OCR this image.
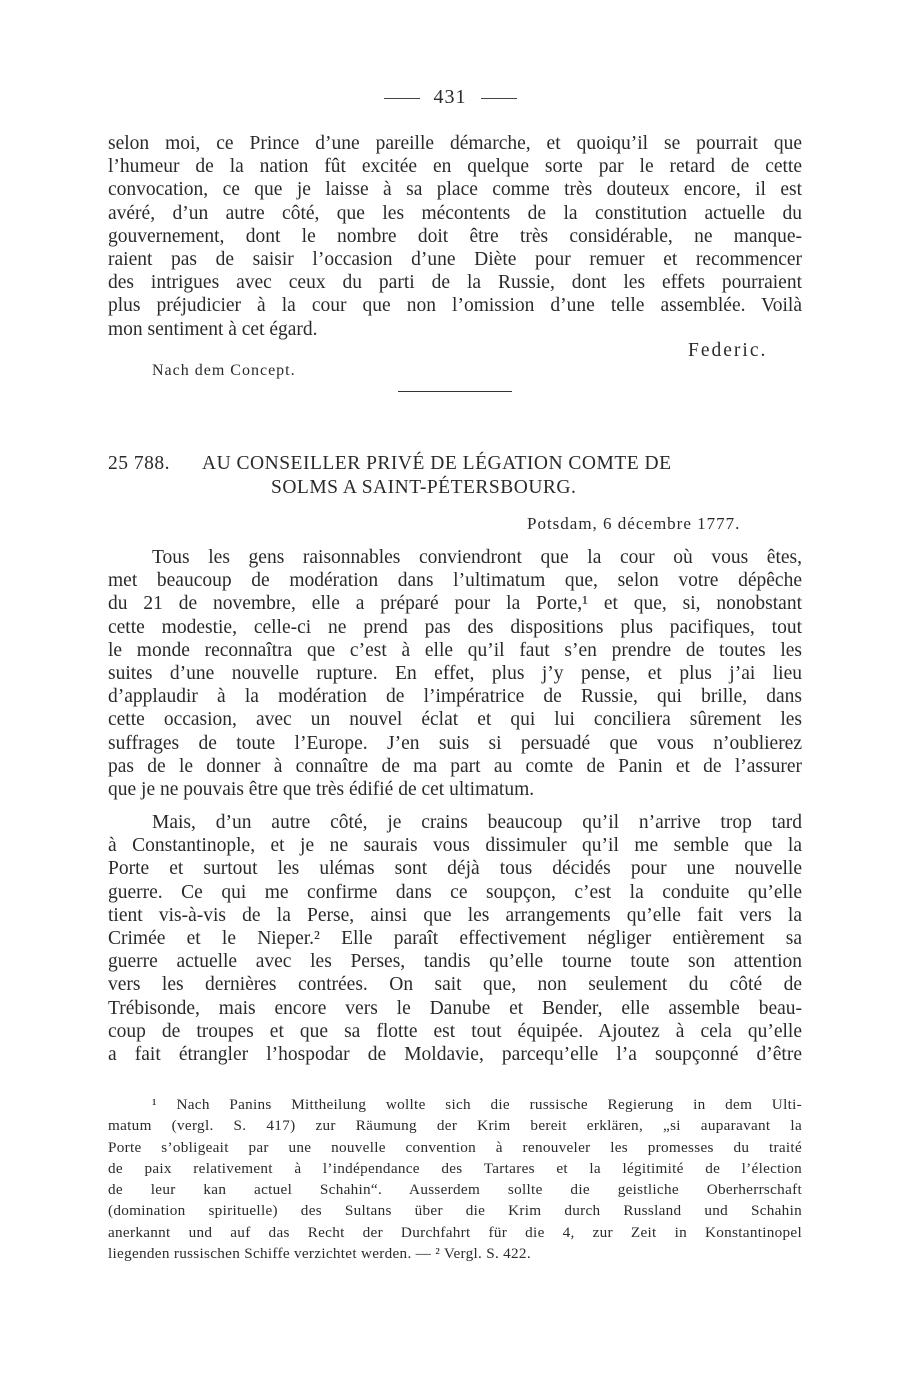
431
selon moi, ce Prince d’une pareille démarche, et quoiqu’il se pourrait que
l’humeur de la nation fût excitée en quelque sorte par le retard de cette
convocation, ce que je laisse à sa place comme très douteux encore, il est
avéré, d’un autre côté, que les mécontents de la constitution actuelle du
gouvernement, dont le nombre doit être très considérable, ne manque-
raient pas de saisir l’occasion d’une Diète pour remuer et recommencer
des intrigues avec ceux du parti de la Russie, dont les effets pourraient
plus préjudicier à la cour que non l’omission d’une telle assemblée. Voilà
mon sentiment à cet égard.
Federic.
Nach dem Concept.
25 788. AU CONSEILLER PRIVÉ DE LÉGATION COMTE DE
SOLMS A SAINT-PÉTERSBOURG.
Potsdam, 6 décembre 1777.
Tous les gens raisonnables conviendront que la cour où vous êtes,
met beaucoup de modération dans l’ultimatum que, selon votre dépêche
du 21 de novembre, elle a préparé pour la Porte,¹ et que, si, nonobstant
cette modestie, celle-ci ne prend pas des dispositions plus pacifiques, tout
le monde reconnaîtra que c’est à elle qu’il faut s’en prendre de toutes les
suites d’une nouvelle rupture. En effet, plus j’y pense, et plus j’ai lieu
d’applaudir à la modération de l’impératrice de Russie, qui brille, dans
cette occasion, avec un nouvel éclat et qui lui conciliera sûrement les
suffrages de toute l’Europe. J’en suis si persuadé que vous n’oublierez
pas de le donner à connaître de ma part au comte de Panin et de l’assurer
que je ne pouvais être que très édifié de cet ultimatum.
Mais, d’un autre côté, je crains beaucoup qu’il n’arrive trop tard
à Constantinople, et je ne saurais vous dissimuler qu’il me semble que la
Porte et surtout les ulémas sont déjà tous décidés pour une nouvelle
guerre. Ce qui me confirme dans ce soupçon, c’est la conduite qu’elle
tient vis-à-vis de la Perse, ainsi que les arrangements qu’elle fait vers la
Crimée et le Nieper.² Elle paraît effectivement négliger entièrement sa
guerre actuelle avec les Perses, tandis qu’elle tourne toute son attention
vers les dernières contrées. On sait que, non seulement du côté de
Trébisonde, mais encore vers le Danube et Bender, elle assemble beau-
coup de troupes et que sa flotte est tout équipée. Ajoutez à cela qu’elle
a fait étrangler l’hospodar de Moldavie, parcequ’elle l’a soupçonné d’être
¹ Nach Panins Mittheilung wollte sich die russische Regierung in dem Ulti-
matum (vergl. S. 417) zur Räumung der Krim bereit erklären, „si auparavant la
Porte s’obligeait par une nouvelle convention à renouveler les promesses du traité
de paix relativement à l’indépendance des Tartares et la légitimité de l’élection
de leur kan actuel Schahin“. Ausserdem sollte die geistliche Oberherrschaft
(domination spirituelle) des Sultans über die Krim durch Russland und Schahin
anerkannt und auf das Recht der Durchfahrt für die 4, zur Zeit in Konstantinopel
liegenden russischen Schiffe verzichtet werden. — ² Vergl. S. 422.
